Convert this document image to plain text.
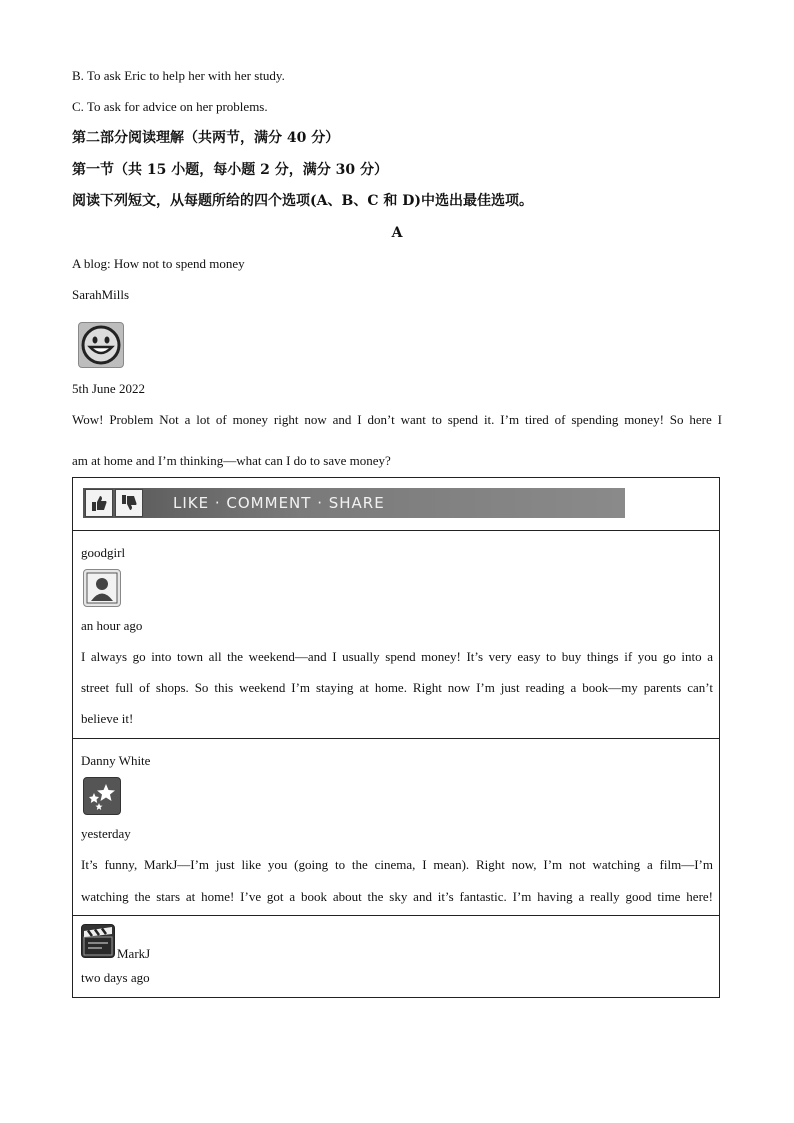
B. To ask Eric to help her with her study.
C. To ask for advice on her problems.
第二部分阅读理解（共两节，满分 40 分）
第一节（共 15 小题，每小题 2 分，满分 30 分）
阅读下列短文，从每题所给的四个选项(A、B、C 和 D)中选出最佳选项。
A
A blog: How not to spend money
SarahMills
5th June 2022
Wow! Problem Not a lot of money right now and I don’t want to spend it. I’m tired of spending money! So here I
am at home and I’m thinking—what can I do to save money?
LIKE · COMMENT · SHARE
goodgirl
an hour ago
I always go into town all the weekend—and I usually spend money! It’s very easy to buy things if you go into a
street full of shops. So this weekend I’m staying at home. Right now I’m just reading a book—my parents can’t
believe it!
Danny White
yesterday
It’s funny, MarkJ—I’m just like you (going to the cinema, I mean). Right now, I’m not watching a film—I’m
watching the stars at home! I’ve got a book about the sky and it’s fantastic. I’m having a really good time here!
MarkJ
two days ago
